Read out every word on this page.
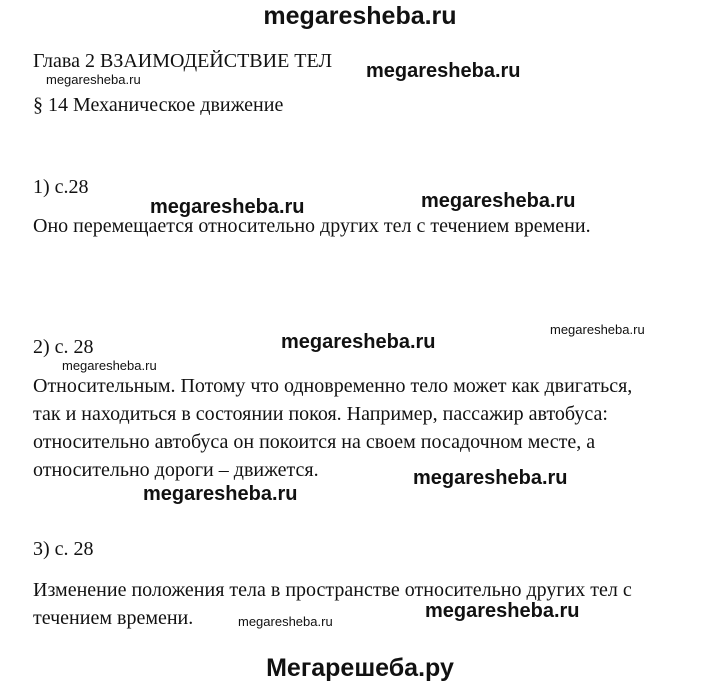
megaresheba.ru
Глава 2 ВЗАИМОДЕЙСТВИЕ ТЕЛ
§ 14 Механическое движение
1) с.28
Оно перемещается относительно других тел с течением времени.
2) с. 28
Относительным. Потому что одновременно тело может как двигаться,
так и находиться в состоянии покоя. Например, пассажир автобуса:
относительно автобуса он покоится на своем посадочном месте, а
относительно дороги – движется.
3) с. 28
Изменение положения тела в пространстве относительно других тел с
течением времени.
megaresheba.ru
megaresheba.ru	megaresheba.ru
megaresheba.ru
megaresheba.ru
megaresheba.ru
megaresheba.ru
megaresheba.ru
megaresheba.ru
megaresheba.ru
megaresheba.ru
Мегарешеба.ру
